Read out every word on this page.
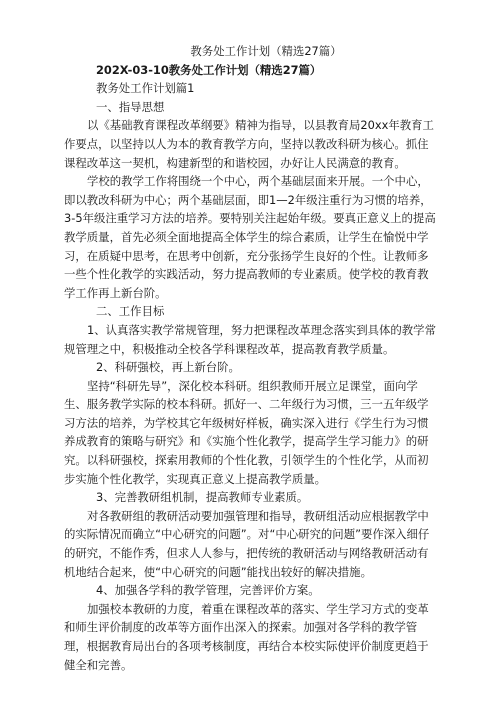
教务处工作计划（精选27篇）

202X-03-10教务处工作计划（精选27篇）

教务处工作计划篇1

一、指导思想

以《基础教育课程改革纲要》精神为指导，以县教育局20xx年教育工作要点，以坚持以人为本的教育教学方向，坚持以教改科研为核心。抓住课程改革这一契机，构建新型的和谐校园，办好让人民满意的教育。

学校的教学工作将围绕一个中心，两个基础层面来开展。一个中心，即以教改科研为中心；两个基础层面，即1—2年级注重行为习惯的培养，3-5年级注重学习方法的培养。要特别关注起始年级。要真正意义上的提高教学质量，首先必须全面地提高全体学生的综合素质，让学生在愉悦中学习，在质疑中思考，在思考中创新，充分张扬学生良好的个性。让教师多一些个性化教学的实践活动，努力提高教师的专业素质。使学校的教育教学工作再上新台阶。

二、工作目标

1、认真落实教学常规管理，努力把课程改革理念落实到具体的教学常规管理之中，积极推动全校各学科课程改革，提高教育教学质量。

2、科研强校，再上新台阶。

坚持“科研先导”，深化校本科研。组织教师开展立足课堂，面向学生、服务教学实际的校本科研。抓好一、二年级行为习惯，三一五年级学习方法的培养，为学校其它年级树好样板，确实深入进行《学生行为习惯养成教育的策略与研究》和《实施个性化教学，提高学生学习能力》的研究。以科研强校，探索用教师的个性化教，引领学生的个性化学，从而初步实施个性化教学，实现真正意义上提高教学质量。

3、完善教研组机制，提高教师专业素质。

对各教研组的教研活动要加强管理和指导，教研组活动应根据教学中的实际情况而确立“中心研究的问题”。对“中心研究的问题”要作深入细仔的研究，不能作秀，但求人人参与，把传统的教研活动与网络教研活动有机地结合起来，使“中心研究的问题”能找出较好的解决措施。

4、加强各学科的教学管理，完善评价方案。

加强校本教研的力度，着重在课程改革的落实、学生学习方式的变革和师生评价制度的改革等方面作出深入的探索。加强对各学科的教学管理，根据教育局出台的各项考核制度，再结合本校实际使评价制度更趋于健全和完善。
